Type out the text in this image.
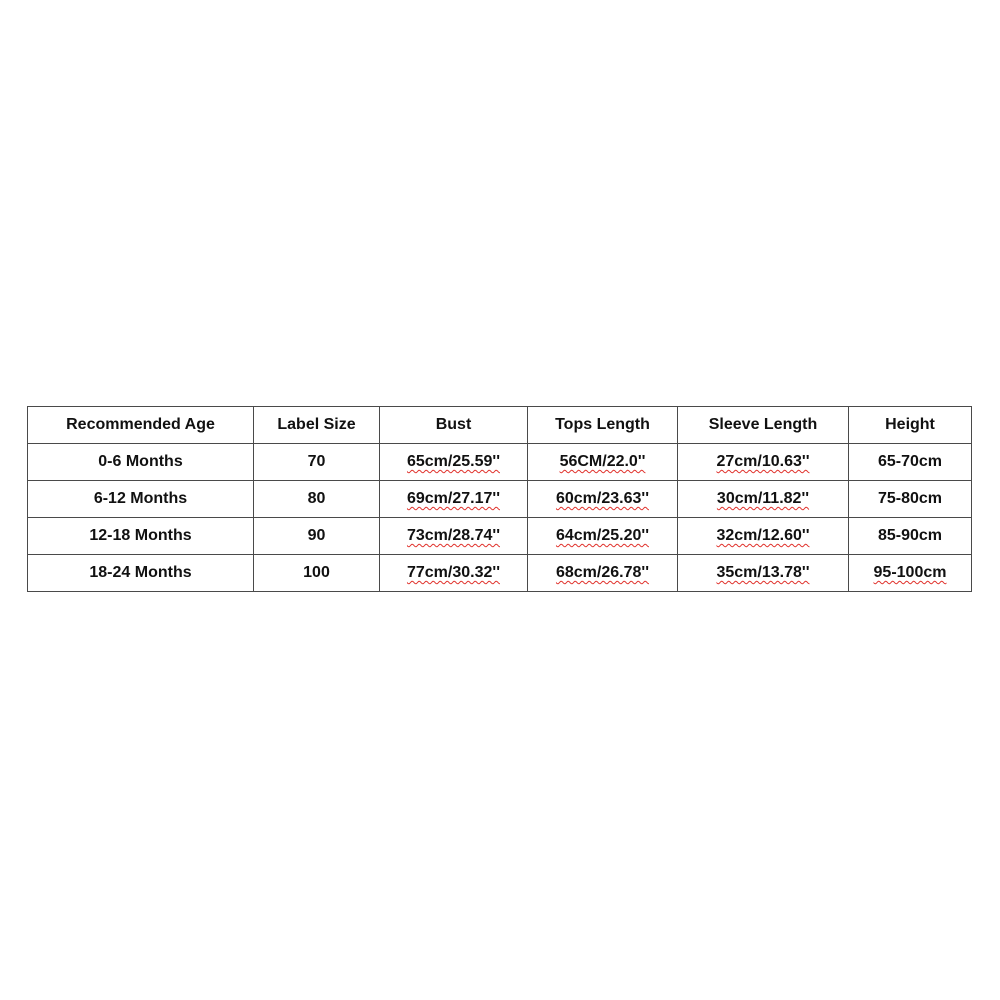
Recommended Age	Label Size	Bust	Tops Length	Sleeve Length	Height
0-6 Months	70	65cm/25.59''	56CM/22.0''	27cm/10.63''	65-70cm
6-12 Months	80	69cm/27.17''	60cm/23.63''	30cm/11.82''	75-80cm
12-18 Months	90	73cm/28.74''	64cm/25.20''	32cm/12.60''	85-90cm
18-24 Months	100	77cm/30.32''	68cm/26.78''	35cm/13.78''	95-100cm
